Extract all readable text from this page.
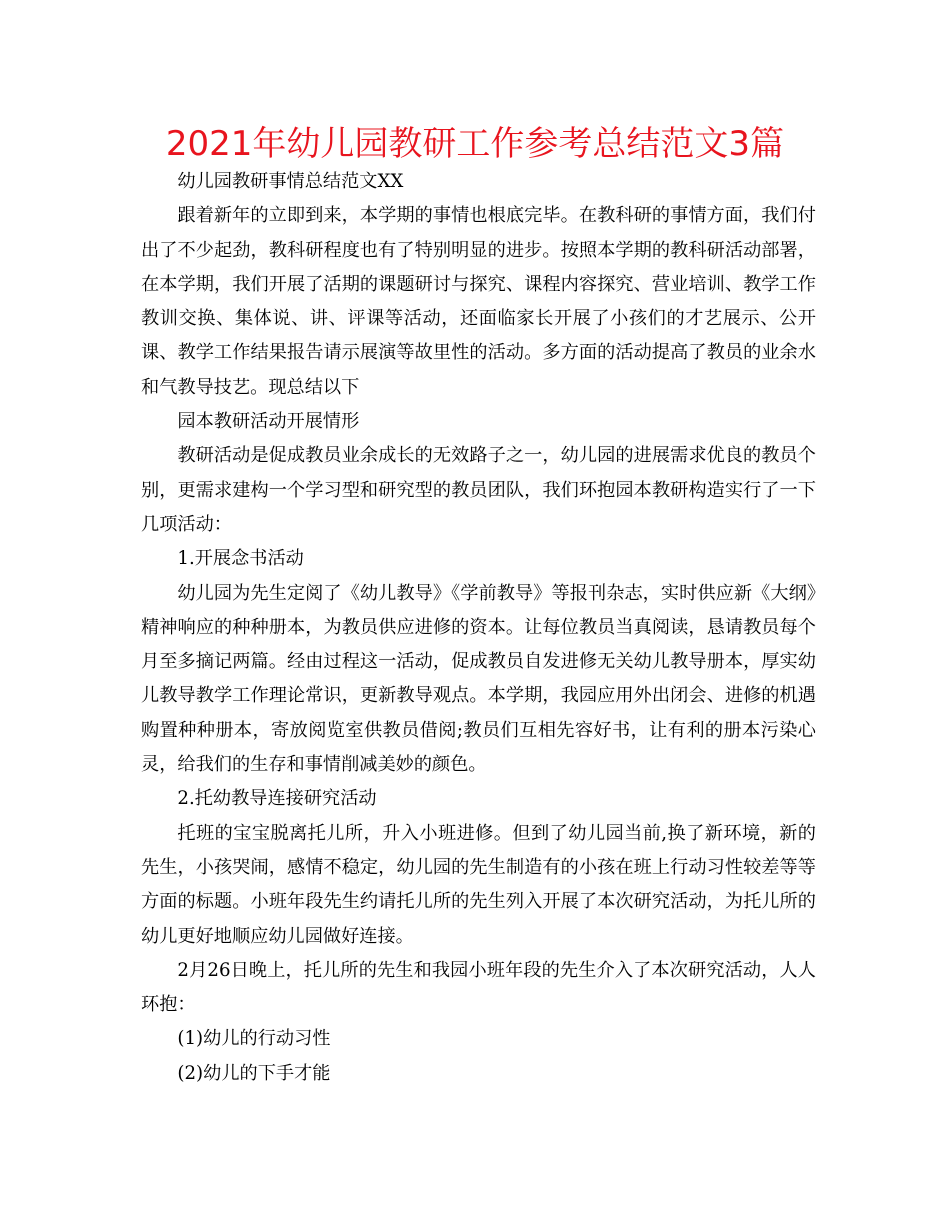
2021年幼儿园教研工作参考总结范文3篇

幼儿园教研事情总结范文XX

跟着新年的立即到来，本学期的事情也根底完毕。在教科研的事情方面，我们付出了不少起劲，教科研程度也有了特别明显的进步。按照本学期的教科研活动部署，在本学期，我们开展了活期的课题研讨与探究、课程内容探究、营业培训、教学工作教训交换、集体说、讲、评课等活动，还面临家长开展了小孩们的才艺展示、公开课、教学工作结果报告请示展演等故里性的活动。多方面的活动提高了教员的业余水和气教导技艺。现总结以下

园本教研活动开展情形

教研活动是促成教员业余成长的无效路子之一，幼儿园的进展需求优良的教员个别，更需求建构一个学习型和研究型的教员团队，我们环抱园本教研构造实行了一下几项活动：

1.开展念书活动

幼儿园为先生定阅了《幼儿教导》《学前教导》等报刊杂志，实时供应新《大纲》精神响应的种种册本，为教员供应进修的资本。让每位教员当真阅读，恳请教员每个月至多摘记两篇。经由过程这一活动，促成教员自发进修无关幼儿教导册本，厚实幼儿教导教学工作理论常识，更新教导观点。本学期，我园应用外出闭会、进修的机遇购置种种册本，寄放阅览室供教员借阅;教员们互相先容好书，让有利的册本污染心灵，给我们的生存和事情削减美妙的颜色。

2.托幼教导连接研究活动

托班的宝宝脱离托儿所，升入小班进修。但到了幼儿园当前,换了新环境，新的先生，小孩哭闹，感情不稳定，幼儿园的先生制造有的小孩在班上行动习性较差等等方面的标题。小班年段先生约请托儿所的先生列入开展了本次研究活动，为托儿所的幼儿更好地顺应幼儿园做好连接。

2月26日晚上，托儿所的先生和我园小班年段的先生介入了本次研究活动，人人环抱：

(1)幼儿的行动习性

(2)幼儿的下手才能
